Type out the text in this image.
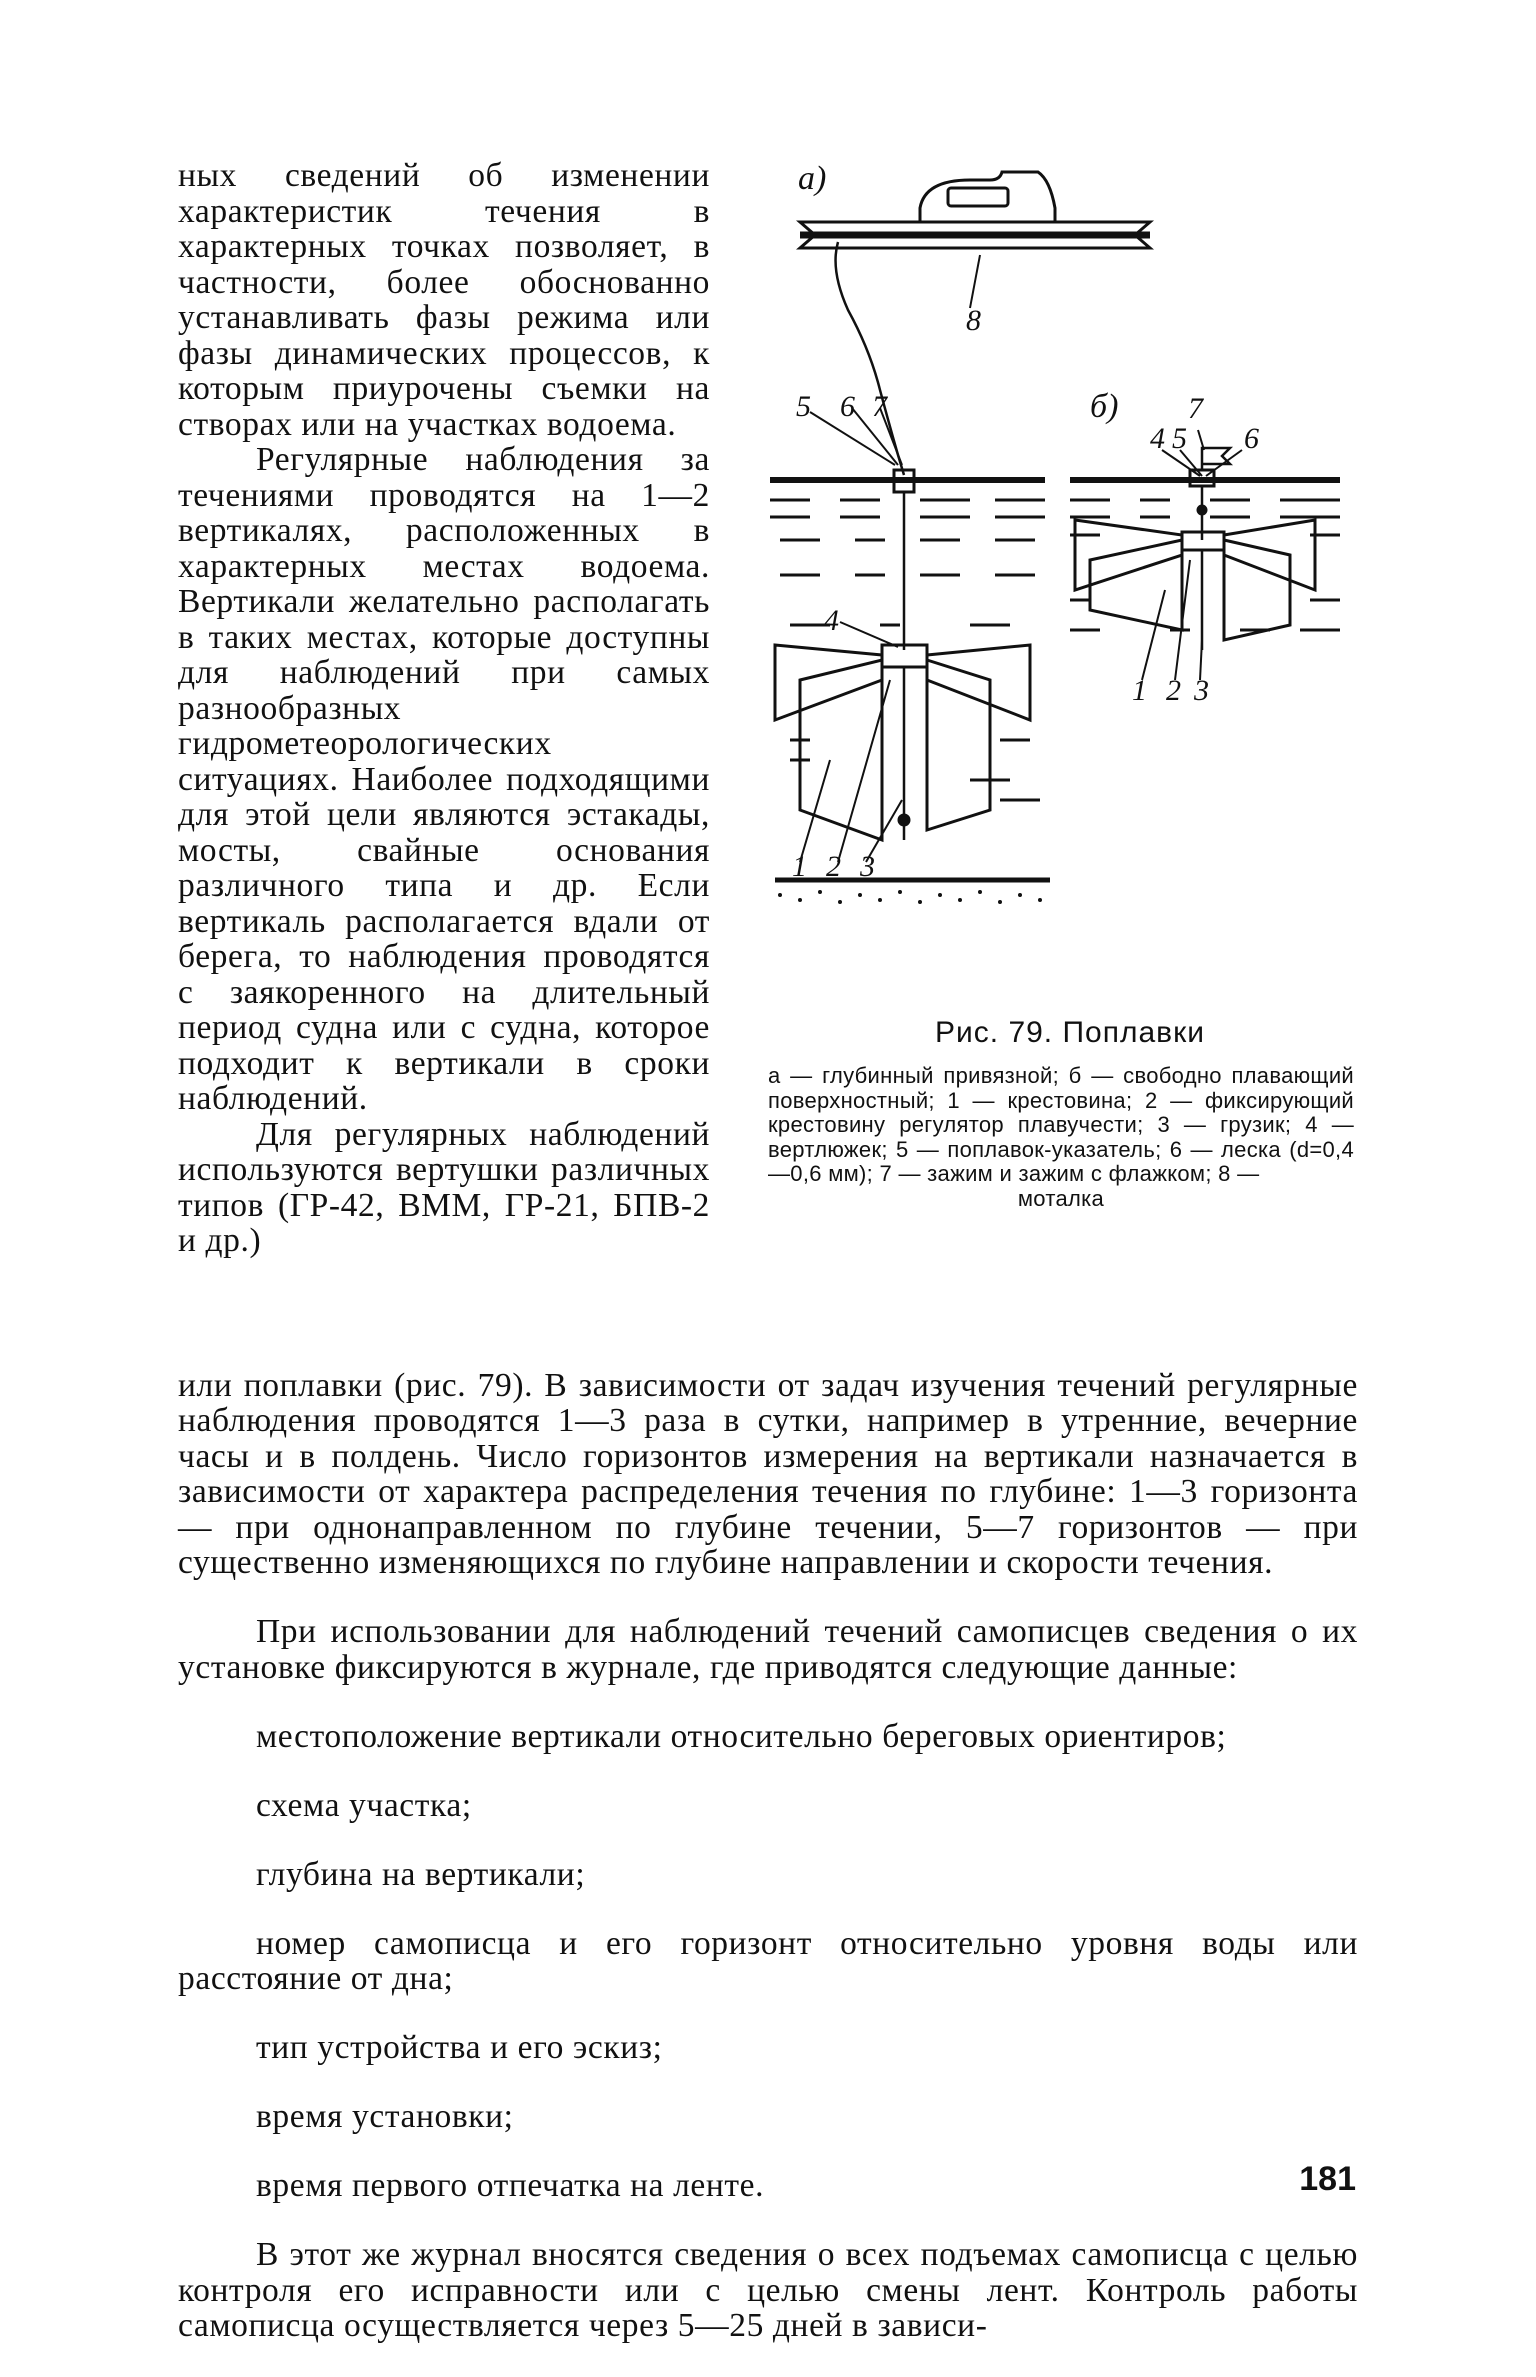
ных сведений об изменении характеристик течения в характерных точках позволяет, в частности, более обоснованно устанавливать фазы режима или фазы динамических процессов, к которым приурочены съемки на створах или на участках водоема.

Регулярные наблюдения за течениями проводятся на 1—2 вертикалях, расположенных в характерных местах водоема. Вертикали желательно располагать в таких местах, которые доступны для наблюдений при самых разнообразных гидрометеорологических ситуациях. Наиболее подходящими для этой цели являются эстакады, мосты, свайные основания различного типа и др. Если вертикаль располагается вдали от берега, то наблюдения проводятся с заякоренного на длительный период судна или с судна, которое подходит к вертикали в сроки наблюдений.

Для регулярных наблюдений используются вертушки различных типов (ГР-42, ВММ, ГР-21, БПВ-2 и др.)

а)
8
5 6 7
4
1 2 3
б) 7
4 5 6
1 2 3
Рис. 79. Поплавки
а — глубинный привязной; б — свободно плавающий поверхностный; 1 — крестовина; 2 — фиксирующий крестовину регулятор плавучести; 3 — грузик; 4 — вертлюжек; 5 — поплавок-указатель; 6 — леска (d=0,4—0,6 мм); 7 — зажим и зажим с флажком; 8 —
моталка

или поплавки (рис. 79). В зависимости от задач изучения течений регулярные наблюдения проводятся 1—3 раза в сутки, например в утренние, вечерние часы и в полдень. Число горизонтов измерения на вертикали назначается в зависимости от характера распределения течения по глубине: 1—3 горизонта — при однонаправленном по глубине течении, 5—7 горизонтов — при существенно изменяющихся по глубине направлении и скорости течения.

При использовании для наблюдений течений самописцев сведения о их установке фиксируются в журнале, где приводятся следующие данные:

местоположение вертикали относительно береговых ориентиров;

схема участка;

глубина на вертикали;

номер самописца и его горизонт относительно уровня воды или расстояние от дна;

тип устройства и его эскиз;

время установки;

время первого отпечатка на ленте.

В этот же журнал вносятся сведения о всех подъемах самописца с целью контроля его исправности или с целью смены лент. Контроль работы самописца осуществляется через 5—25 дней в зависи-

181
